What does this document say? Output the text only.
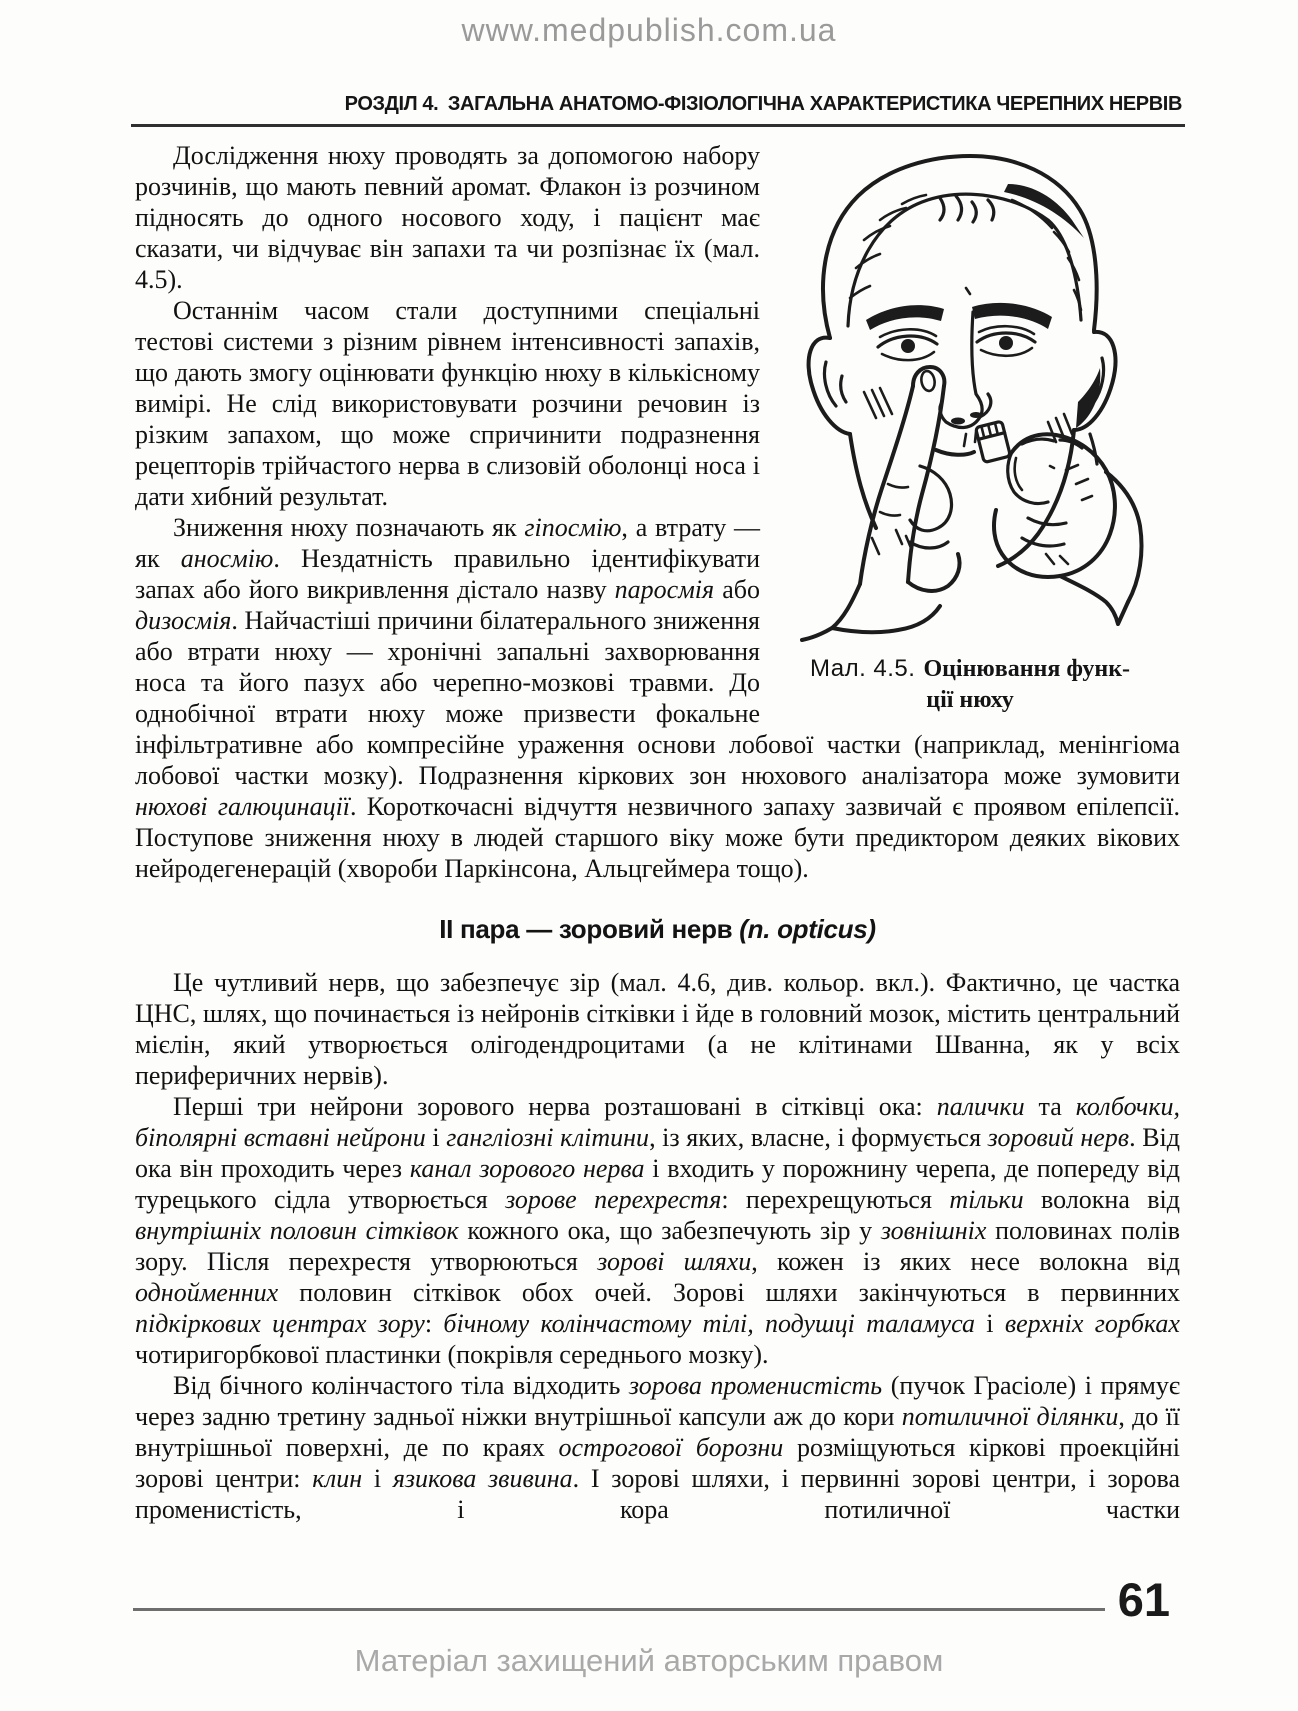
www.medpublish.com.ua
РОЗДІЛ 4. ЗАГАЛЬНА АНАТОМО-ФІЗІОЛОГІЧНА ХАРАКТЕРИСТИКА ЧЕРЕПНИХ НЕРВІВ
Мал. 4.5. Оцінювання функ-
ції нюху

Дослідження нюху проводять за допомогою набору розчинів, що мають певний аромат. Флакон із розчином підносять до одного носового ходу, і пацієнт має сказати, чи відчуває він запахи та чи розпізнає їх (мал. 4.5).

Останнім часом стали доступними спеціальні тестові системи з різним рівнем інтенсивності запахів, що дають змогу оцінювати функцію нюху в кількісному вимірі. Не слід використовувати розчини речовин із різким запахом, що може спричинити подразнення рецепторів трійчастого нерва в слизовій оболонці носа і дати хибний результат.

Зниження нюху позначають як гіпосмію, а втрату — як аносмію. Нездатність правильно ідентифікувати запах або його викривлення дістало назву паросмія або дизосмія. Найчастіші причини білатерального зниження або втрати нюху — хронічні запальні захворювання носа та його пазух або черепно-мозкові травми. До однобічної втрати нюху може призвести фокальне інфільтративне або компресійне ураження основи лобової частки (наприклад, менінгіома лобової частки мозку). Подразнення кіркових зон нюхового аналізатора може зумовити нюхові галюцинації. Короткочасні відчуття незвичного запаху зазвичай є проявом епілепсії. Поступове зниження нюху в людей старшого віку може бути предиктором деяких вікових нейродегенерацій (хвороби Паркінсона, Альцгеймера тощо).

ІІ пара — зоровий нерв (n. opticus)

Це чутливий нерв, що забезпечує зір (мал. 4.6, див. кольор. вкл.). Фактично, це частка ЦНС, шлях, що починається із нейронів сітківки і йде в головний мозок, містить центральний мієлін, який утворюється олігодендроцитами (а не клітинами Шванна, як у всіх периферичних нервів).

Перші три нейрони зорового нерва розташовані в сітківці ока: палички та колбочки, біполярні вставні нейрони і гангліозні клітини, із яких, власне, і формується зоровий нерв. Від ока він проходить через канал зорового нерва і входить у порожнину черепа, де попереду від турецького сідла утворюється зорове перехрестя: перехрещуються тільки волокна від внутрішніх половин сітківок кожного ока, що забезпечують зір у зовнішніх половинах полів зору. Після перехрестя утворюються зорові шляхи, кожен із яких несе волокна від однойменних половин сітківок обох очей. Зорові шляхи закінчуються в первинних підкіркових центрах зору: бічному колінчастому тілі, подушці таламуса і верхніх горбках чотиригорбкової пластинки (покрівля середнього мозку).

Від бічного колінчастого тіла відходить зорова променистість (пучок Грасіоле) і прямує через задню третину задньої ніжки внутрішньої капсули аж до кори потиличної ділянки, до її внутрішньої поверхні, де по краях острогової борозни розміщуються кіркові проекційні зорові центри: клин і язикова звивина. І зорові шляхи, і первинні зорові центри, і зорова променистість, і кора потиличної частки

61
Матеріал захищений авторським правом
